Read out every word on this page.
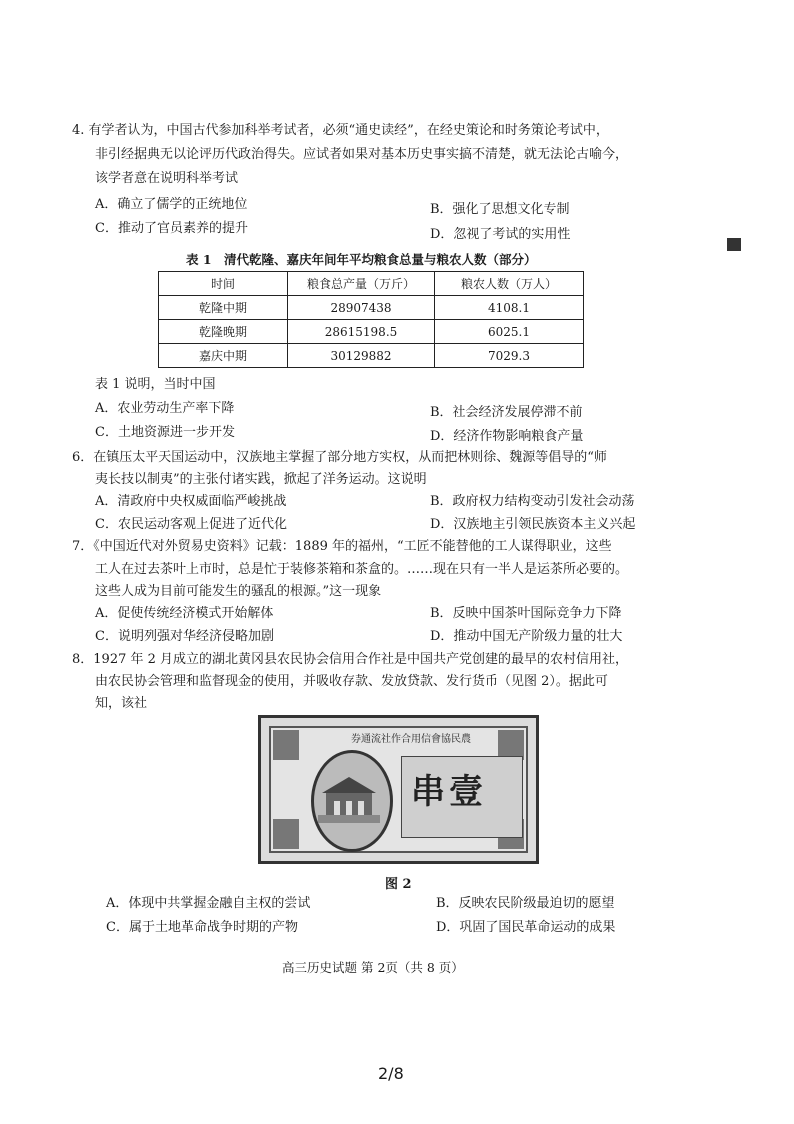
4. 有学者认为，中国古代参加科举考试者，必须“通史读经”，在经史策论和时务策论考试中，
非引经据典无以论评历代政治得失。应试者如果对基本历史事实搞不清楚，就无法论古喻今，
该学者意在说明科举考试
A．确立了儒学的正统地位	B．强化了思想文化专制
C．推动了官员素养的提升	D．忽视了考试的实用性
表 1　清代乾隆、嘉庆年间年平均粮食总量与粮农人数（部分）
时间	粮食总产量（万斤）	粮农人数（万人）
乾隆中期	28907438	4108.1
乾隆晚期	28615198.5	6025.1
嘉庆中期	30129882	7029.3
表 1 说明，当时中国
A．农业劳动生产率下降	B．社会经济发展停滞不前
C．土地资源进一步开发	D．经济作物影响粮食产量
6．在镇压太平天国运动中，汉族地主掌握了部分地方实权，从而把林则徐、魏源等倡导的“师
夷长技以制夷”的主张付诸实践，掀起了洋务运动。这说明
A．清政府中央权威面临严峻挑战	B．政府权力结构变动引发社会动荡
C．农民运动客观上促进了近代化	D．汉族地主引领民族资本主义兴起
7．《中国近代对外贸易史资料》记载：1889 年的福州，“工匠不能替他的工人谋得职业，这些
工人在过去茶叶上市时，总是忙于装修茶箱和茶盒的。……现在只有一半人是运茶所必要的。
这些人成为目前可能发生的骚乱的根源。”这一现象
A．促使传统经济模式开始解体	B．反映中国茶叶国际竞争力下降
C．说明列强对华经济侵略加剧	D．推动中国无产阶级力量的壮大
8．1927 年 2 月成立的湖北黄冈县农民协会信用合作社是中国共产党创建的最早的农村信用社，
由农民协会管理和监督现金的使用，并吸收存款、发放贷款、发行货币（见图 2）。据此可
知，该社
券通流社作合用信會協民農
串壹
图 2
A．体现中共掌握金融自主权的尝试	B．反映农民阶级最迫切的愿望
C．属于土地革命战争时期的产物	D．巩固了国民革命运动的成果
高三历史试题 第 2页（共 8 页）
2/8
